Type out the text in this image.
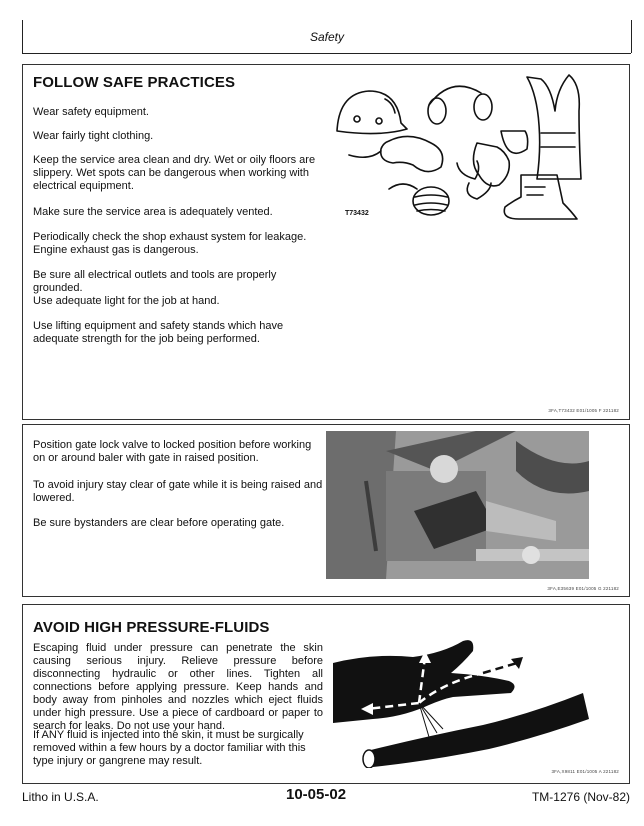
Safety
FOLLOW SAFE PRACTICES

Wear safety equipment.

Wear fairly tight clothing.

Keep the service area clean and dry. Wet or oily floors are slippery. Wet spots can be dangerous when working with electrical equipment.

Make sure the service area is adequately vented.

Periodically check the shop exhaust system for leakage. Engine exhaust gas is dangerous.

Be sure all electrical outlets and tools are properly grounded.

Use adequate light for the job at hand.

Use lifting equipment and safety stands which have adequate strength for the job being performed.

T73432
3FA,T73432 E01/1005 F 221182

Position gate lock valve to locked position before working on or around baler with gate in raised position.

To avoid injury stay clear of gate while it is being raised and lowered.

Be sure bystanders are clear before operating gate.

3FA,E35639 E01/1005 G 221182
AVOID HIGH PRESSURE-FLUIDS

Escaping fluid under pressure can penetrate the skin causing serious injury. Relieve pressure before disconnecting hydraulic or other lines. Tighten all connections before applying pressure. Keep hands and body away from pinholes and nozzles which eject fluids under high pressure. Use a piece of cardboard or paper to search for leaks. Do not use your hand.

If ANY fluid is injected into the skin, it must be surgically removed within a few hours by a doctor familiar with this type injury or gangrene may result.

3FA,X9811 E01/1005 A 221182
Litho in U.S.A.	10-05-02	TM-1276 (Nov-82)
